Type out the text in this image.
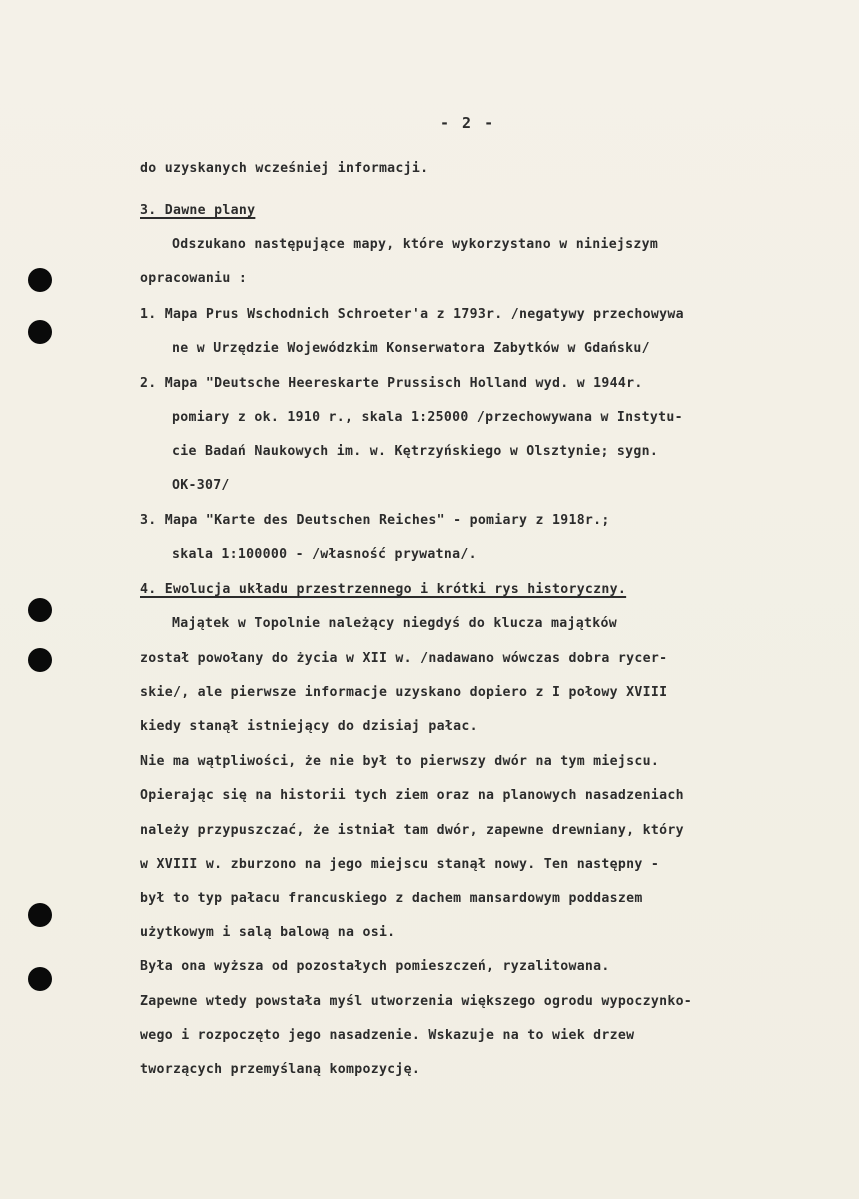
- 2 -
do uzyskanych wcześniej informacji.
3. Dawne plany
Odszukano następujące mapy, które wykorzystano w niniejszym
opracowaniu :
1. Mapa Prus Wschodnich Schroeter'a z 1793r. /negatywy przechowywa
ne w Urzędzie Wojewódzkim Konserwatora Zabytków w Gdańsku/
2. Mapa "Deutsche Heereskarte Prussisch Holland wyd. w 1944r.
pomiary z ok. 1910 r., skala 1:25000 /przechowywana w Instytu-
cie Badań Naukowych im. w. Kętrzyńskiego w Olsztynie; sygn.
OK-307/
3. Mapa "Karte des Deutschen Reiches" - pomiary z 1918r.;
skala 1:100000 - /własność prywatna/.
4. Ewolucja układu przestrzennego i krótki rys historyczny.
Majątek w Topolnie należący niegdyś do klucza majątków
został powołany do życia w XII w. /nadawano wówczas dobra rycer-
skie/, ale pierwsze informacje uzyskano dopiero z I połowy XVIII
kiedy stanął istniejący do dzisiaj pałac.
Nie ma wątpliwości, że nie był to pierwszy dwór na tym miejscu.
Opierając się na historii tych ziem oraz na planowych nasadzeniach
należy przypuszczać, że istniał tam dwór, zapewne drewniany, który
w XVIII w. zburzono na jego miejscu stanął nowy. Ten następny -
był to typ pałacu francuskiego z dachem mansardowym poddaszem
użytkowym i salą balową na osi.
Była ona wyższa od pozostałych pomieszczeń, ryzalitowana.
Zapewne wtedy powstała myśl utworzenia większego ogrodu wypoczynko-
wego i rozpoczęto jego nasadzenie. Wskazuje na to wiek drzew
tworzących przemyślaną kompozycję.
